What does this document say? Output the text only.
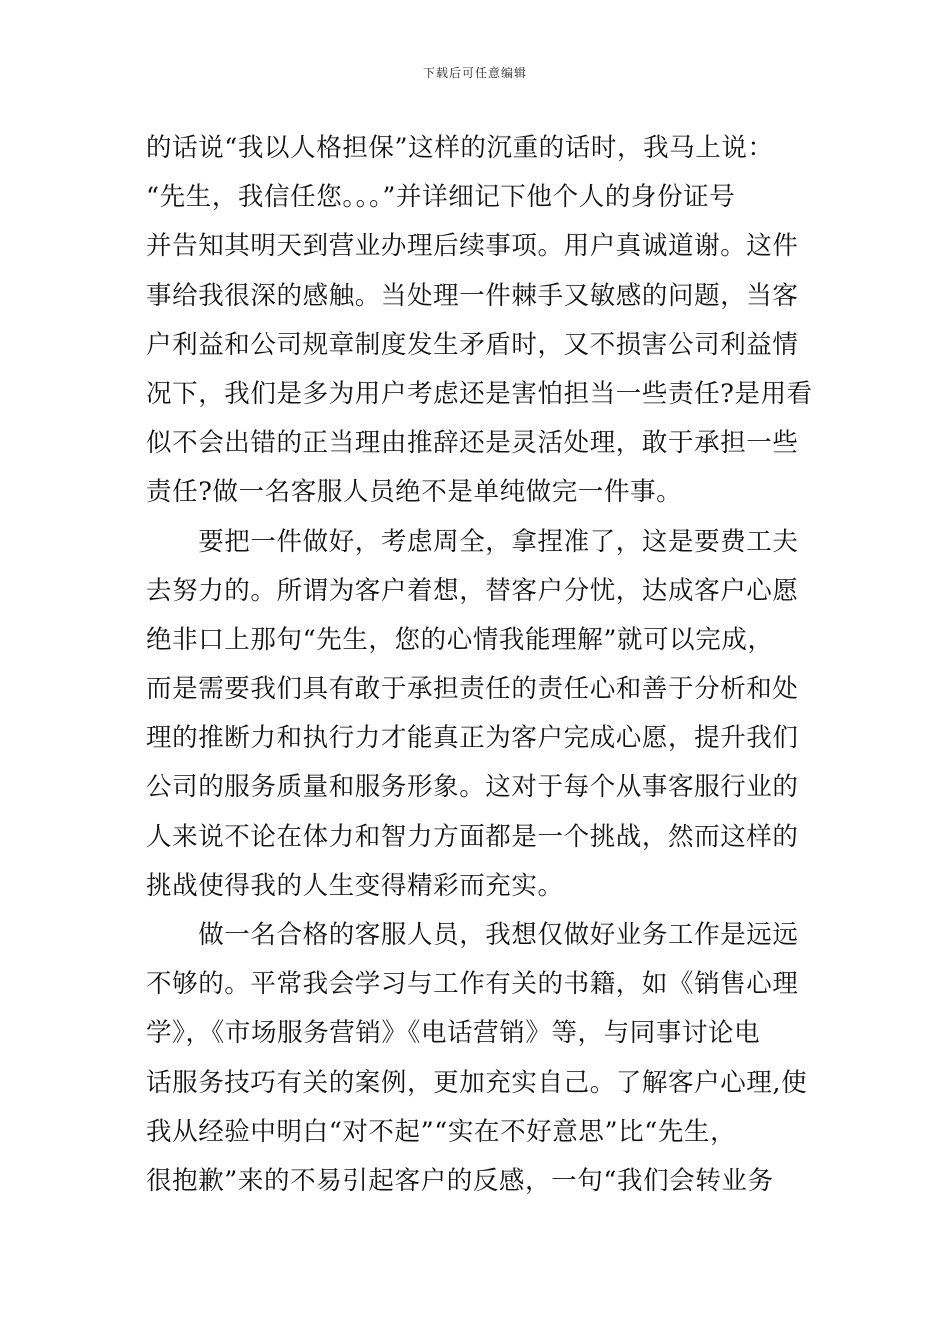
下载后可任意编辑
的话说“我以人格担保”这样的沉重的话时，我马上说：
“先生，我信任您。。。”并详细记下他个人的身份证号
并告知其明天到营业办理后续事项。用户真诚道谢。这件
事给我很深的感触。当处理一件棘手又敏感的问题，当客
户利益和公司规章制度发生矛盾时，又不损害公司利益情
况下，我们是多为用户考虑还是害怕担当一些责任?是用看
似不会出错的正当理由推辞还是灵活处理，敢于承担一些
责任?做一名客服人员绝不是单纯做完一件事。
　　要把一件做好，考虑周全，拿捏准了，这是要费工夫
去努力的。所谓为客户着想，替客户分忧，达成客户心愿
绝非口上那句“先生，您的心情我能理解”就可以完成，
而是需要我们具有敢于承担责任的责任心和善于分析和处
理的推断力和执行力才能真正为客户完成心愿，提升我们
公司的服务质量和服务形象。这对于每个从事客服行业的
人来说不论在体力和智力方面都是一个挑战，然而这样的
挑战使得我的人生变得精彩而充实。
　　做一名合格的客服人员，我想仅做好业务工作是远远
不够的。平常我会学习与工作有关的书籍，如《销售心理
学》，《市场服务营销》《电话营销》等，与同事讨论电
话服务技巧有关的案例，更加充实自己。了解客户心理,使
我从经验中明白“对不起”“实在不好意思”比“先生，
很抱歉”来的不易引起客户的反感，一句“我们会转业务
